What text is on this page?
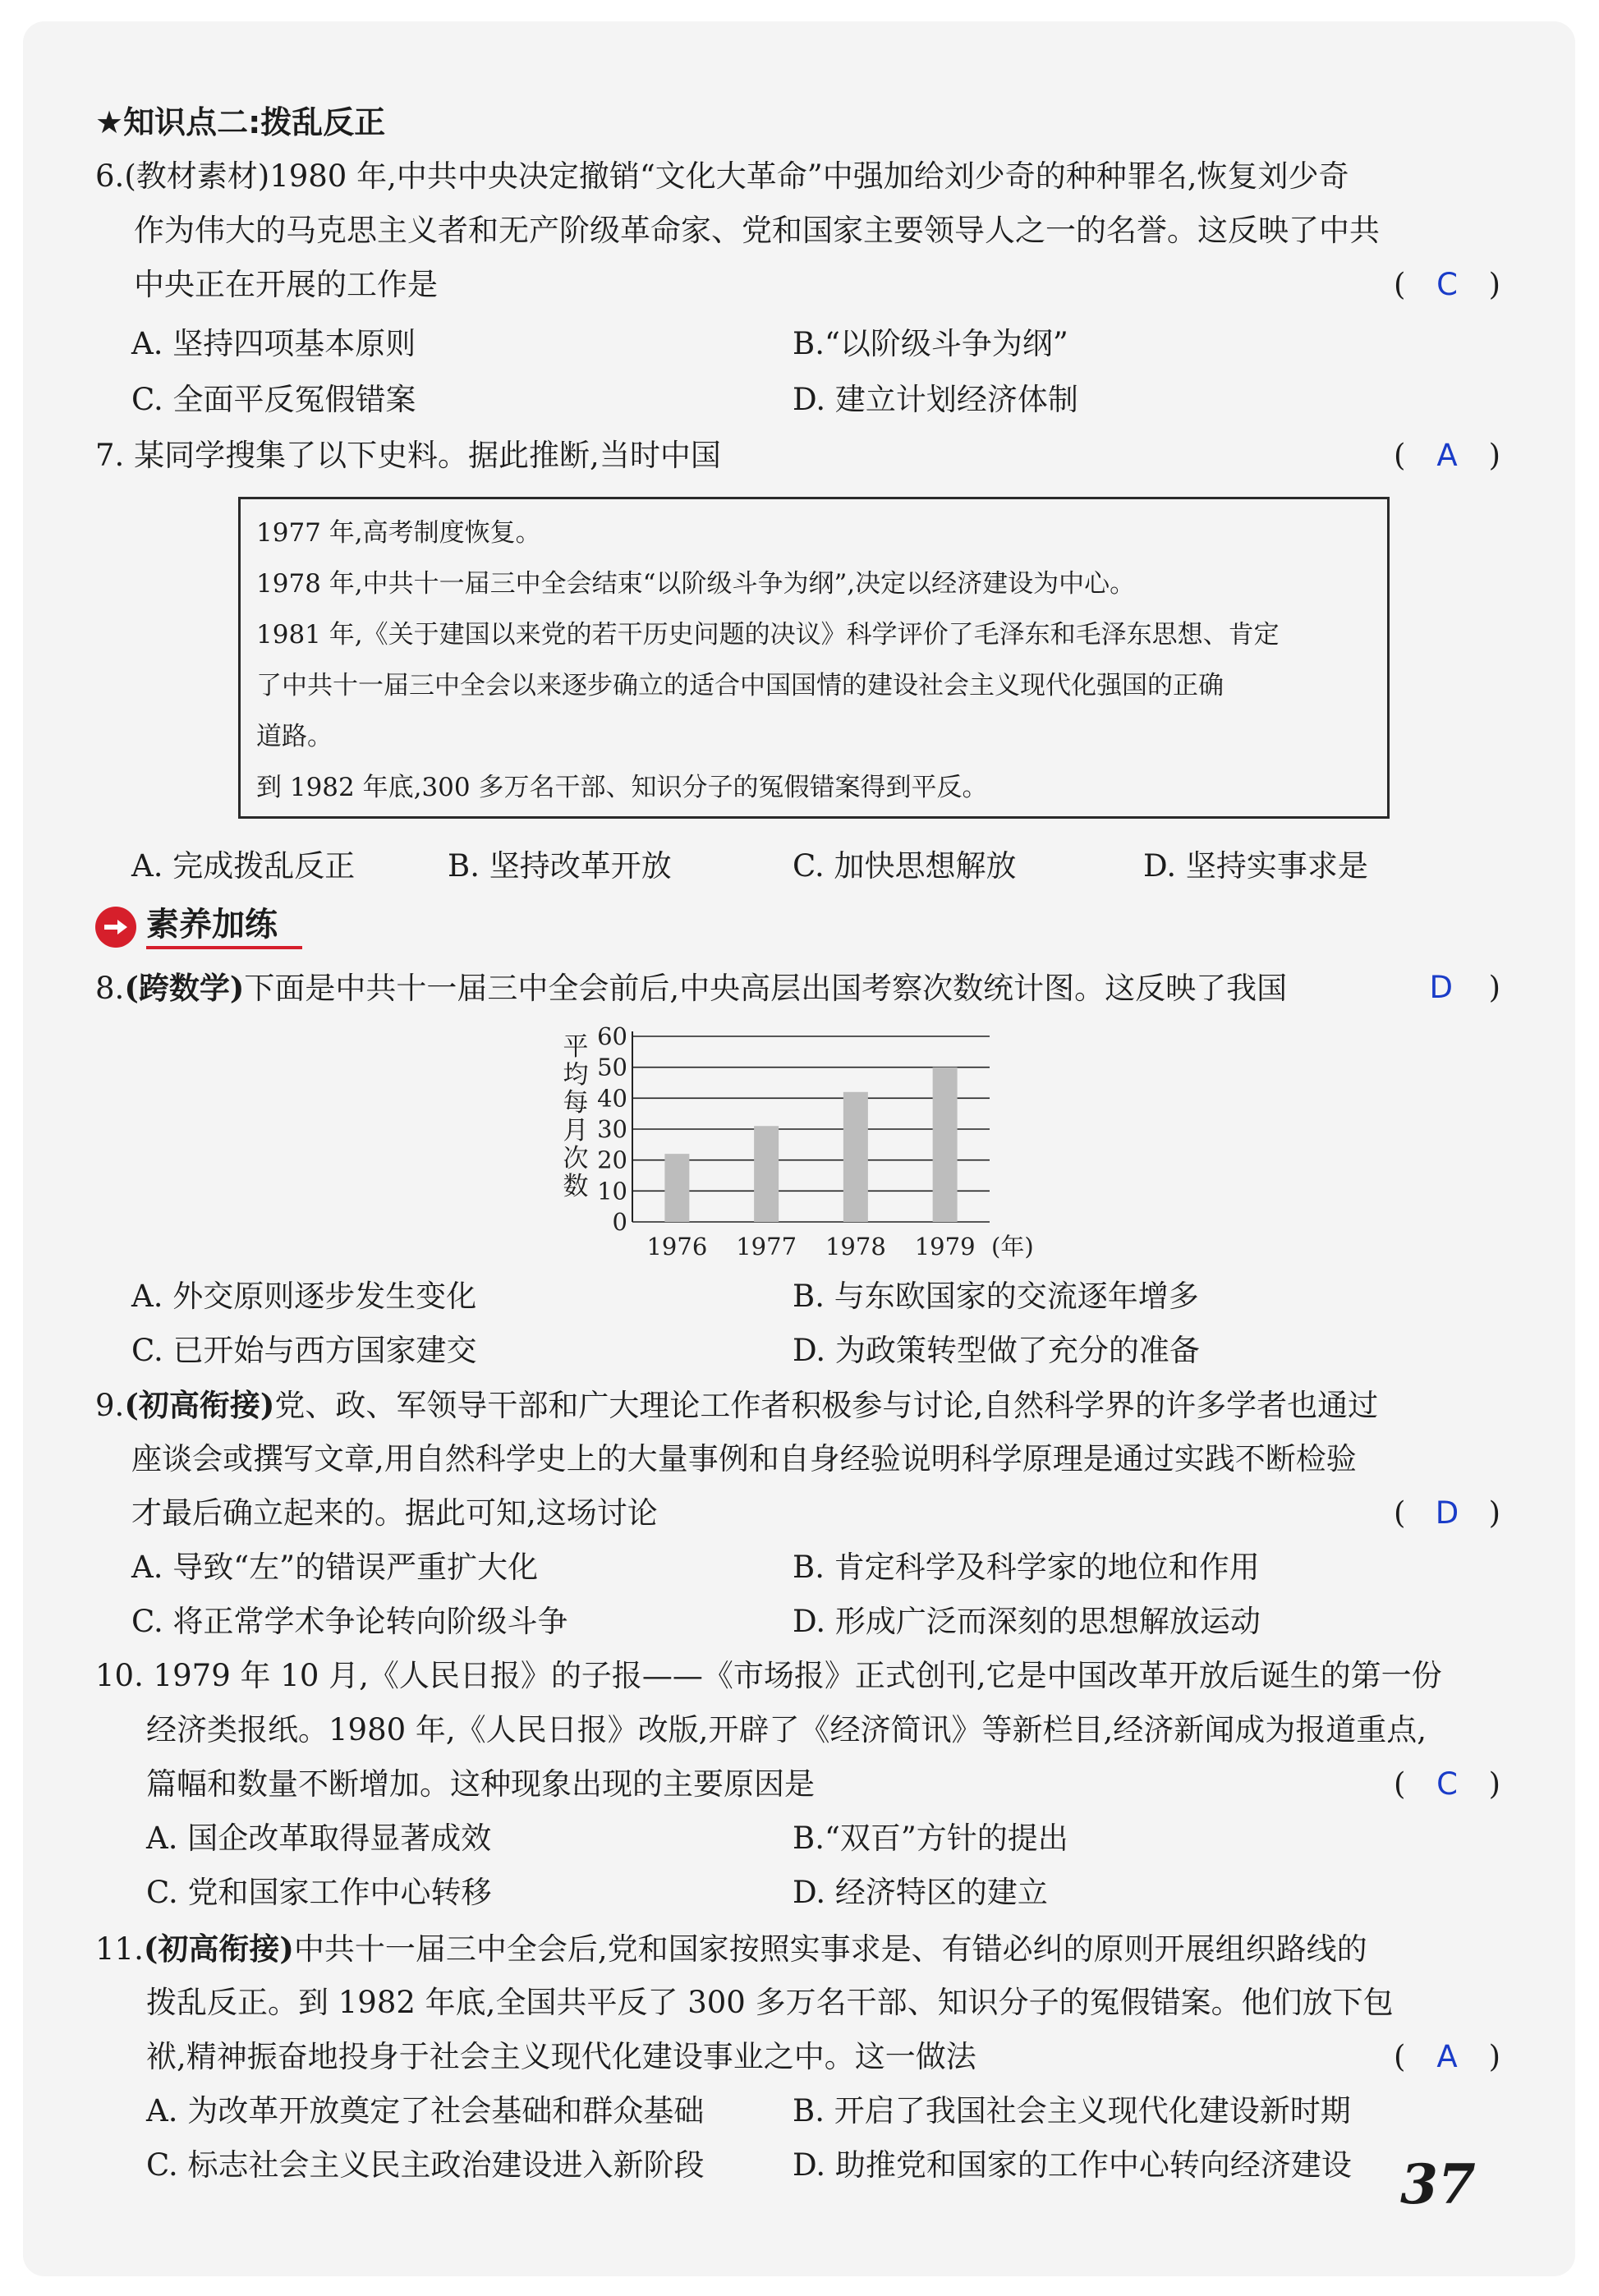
★知识点二:拨乱反正
6.(教材素材)1980 年,中共中央决定撤销“文化大革命”中强加给刘少奇的种种罪名,恢复刘少奇
作为伟大的马克思主义者和无产阶级革命家、党和国家主要领导人之一的名誉。这反映了中共
中央正在开展的工作是	( C )
A. 坚持四项基本原则	B.“以阶级斗争为纲”
C. 全面平反冤假错案	D. 建立计划经济体制
7. 某同学搜集了以下史料。据此推断,当时中国	( A )
1977 年,高考制度恢复。
1978 年,中共十一届三中全会结束“以阶级斗争为纲”,决定以经济建设为中心。
1981 年,《关于建国以来党的若干历史问题的决议》科学评价了毛泽东和毛泽东思想、肯定
了中共十一届三中全会以来逐步确立的适合中国国情的建设社会主义现代化强国的正确
道路。
到 1982 年底,300 多万名干部、知识分子的冤假错案得到平反。
A. 完成拨乱反正	B. 坚持改革开放	C. 加快思想解放	D. 坚持实事求是
素养加练
8.(跨数学)下面是中共十一届三中全会前后,中央高层出国考察次数统计图。这反映了我国	D )
平均每月次数
0
10
20
30
40
50
60
1976 1977 1978 1979 (年)
A. 外交原则逐步发生变化	B. 与东欧国家的交流逐年增多
C. 已开始与西方国家建交	D. 为政策转型做了充分的准备
9.(初高衔接)党、政、军领导干部和广大理论工作者积极参与讨论,自然科学界的许多学者也通过
座谈会或撰写文章,用自然科学史上的大量事例和自身经验说明科学原理是通过实践不断检验
才最后确立起来的。据此可知,这场讨论	( D )
A. 导致“左”的错误严重扩大化	B. 肯定科学及科学家的地位和作用
C. 将正常学术争论转向阶级斗争	D. 形成广泛而深刻的思想解放运动
10. 1979 年 10 月,《人民日报》的子报——《市场报》正式创刊,它是中国改革开放后诞生的第一份
经济类报纸。1980 年,《人民日报》改版,开辟了《经济简讯》等新栏目,经济新闻成为报道重点,
篇幅和数量不断增加。这种现象出现的主要原因是	( C )
A. 国企改革取得显著成效	B.“双百”方针的提出
C. 党和国家工作中心转移	D. 经济特区的建立
11.(初高衔接)中共十一届三中全会后,党和国家按照实事求是、有错必纠的原则开展组织路线的
拨乱反正。到 1982 年底,全国共平反了 300 多万名干部、知识分子的冤假错案。他们放下包
袱,精神振奋地投身于社会主义现代化建设事业之中。这一做法	( A )
A. 为改革开放奠定了社会基础和群众基础	B. 开启了我国社会主义现代化建设新时期
C. 标志社会主义民主政治建设进入新阶段	D. 助推党和国家的工作中心转向经济建设 37
